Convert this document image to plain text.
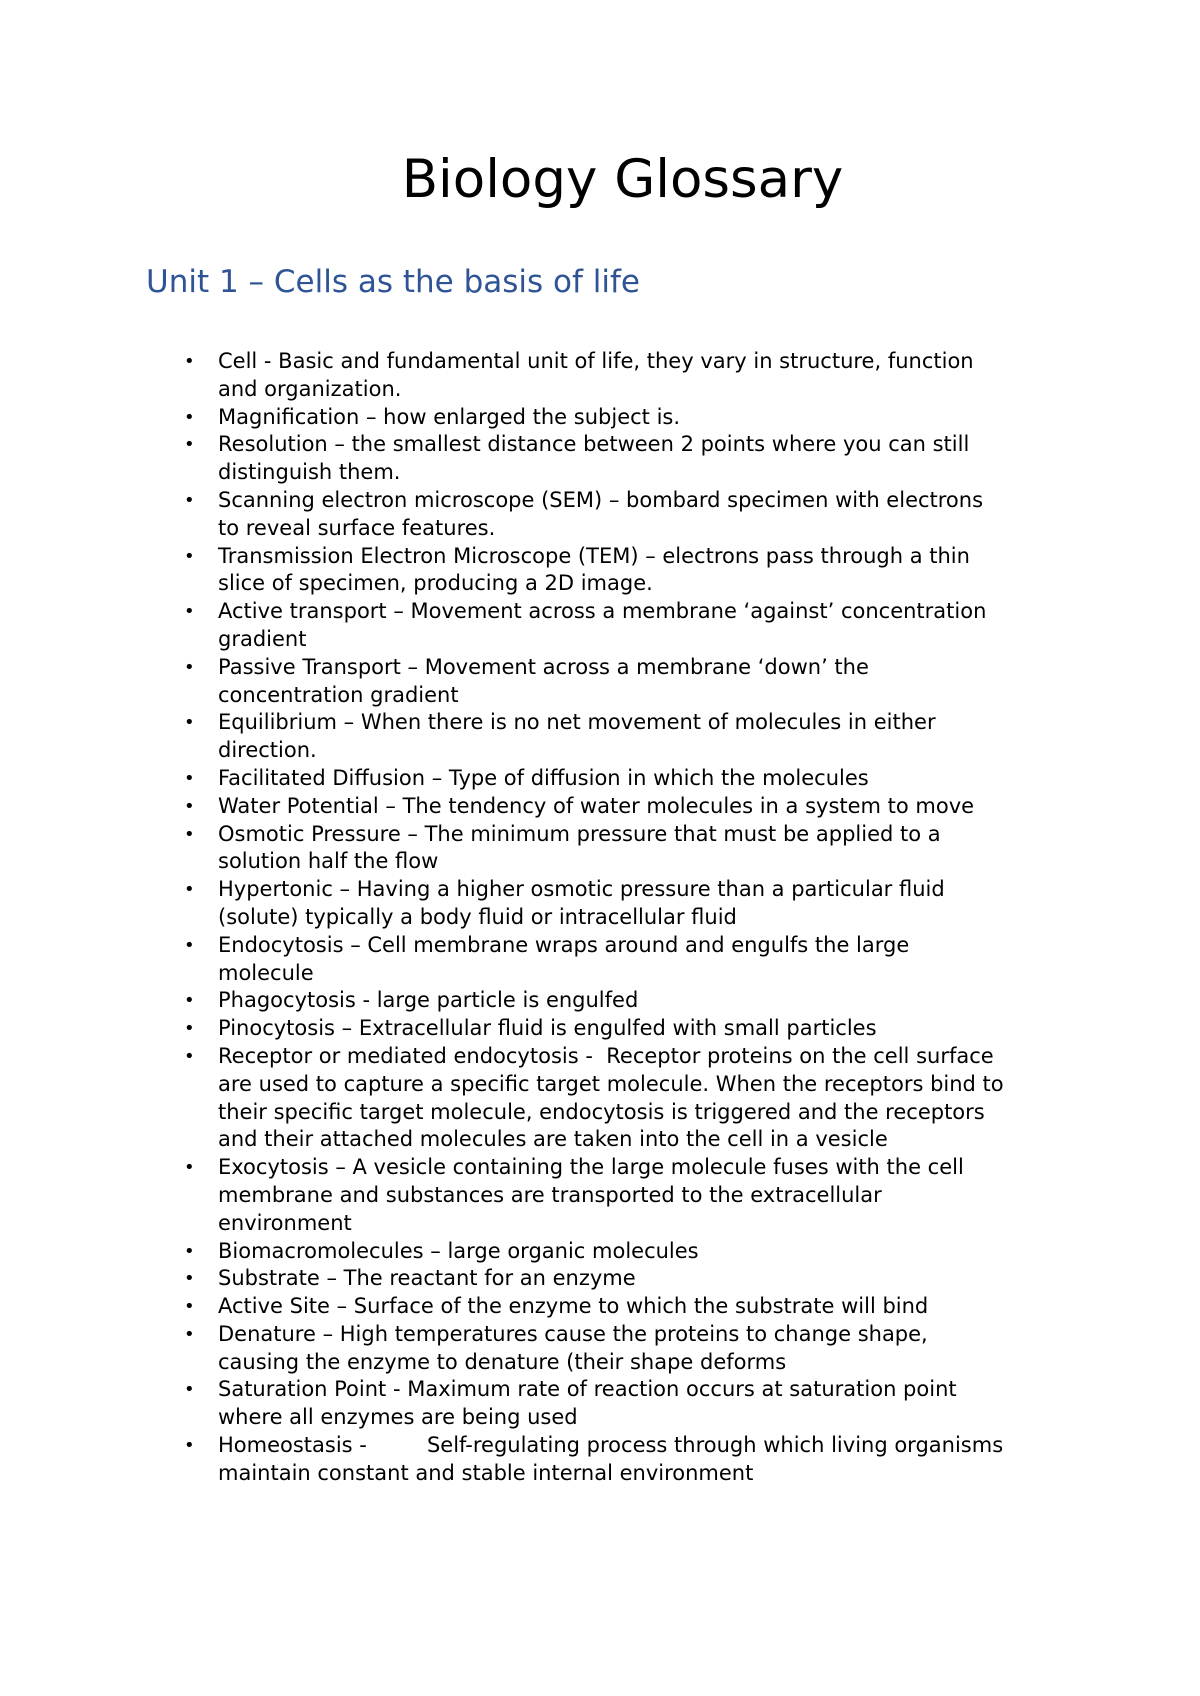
Biology Glossary
Unit 1 – Cells as the basis of life
• Cell - Basic and fundamental unit of life, they vary in structure, function
and organization.
• Magnification – how enlarged the subject is.
• Resolution – the smallest distance between 2 points where you can still
distinguish them.
• Scanning electron microscope (SEM) – bombard specimen with electrons
to reveal surface features.
• Transmission Electron Microscope (TEM) – electrons pass through a thin
slice of specimen, producing a 2D image.
• Active transport – Movement across a membrane ‘against’ concentration
gradient
• Passive Transport – Movement across a membrane ‘down’ the
concentration gradient
• Equilibrium – When there is no net movement of molecules in either
direction.
• Facilitated Diffusion – Type of diffusion in which the molecules
• Water Potential – The tendency of water molecules in a system to move
• Osmotic Pressure – The minimum pressure that must be applied to a
solution half the flow
• Hypertonic – Having a higher osmotic pressure than a particular fluid
(solute) typically a body fluid or intracellular fluid
• Endocytosis – Cell membrane wraps around and engulfs the large
molecule
• Phagocytosis - large particle is engulfed
• Pinocytosis – Extracellular fluid is engulfed with small particles
• Receptor or mediated endocytosis -  Receptor proteins on the cell surface
are used to capture a specific target molecule. When the receptors bind to
their specific target molecule, endocytosis is triggered and the receptors
and their attached molecules are taken into the cell in a vesicle
• Exocytosis – A vesicle containing the large molecule fuses with the cell
membrane and substances are transported to the extracellular
environment
• Biomacromolecules – large organic molecules
• Substrate – The reactant for an enzyme
• Active Site – Surface of the enzyme to which the substrate will bind
• Denature – High temperatures cause the proteins to change shape,
causing the enzyme to denature (their shape deforms
• Saturation Point - Maximum rate of reaction occurs at saturation point
where all enzymes are being used
• Homeostasis -         Self-regulating process through which living organisms
maintain constant and stable internal environment
